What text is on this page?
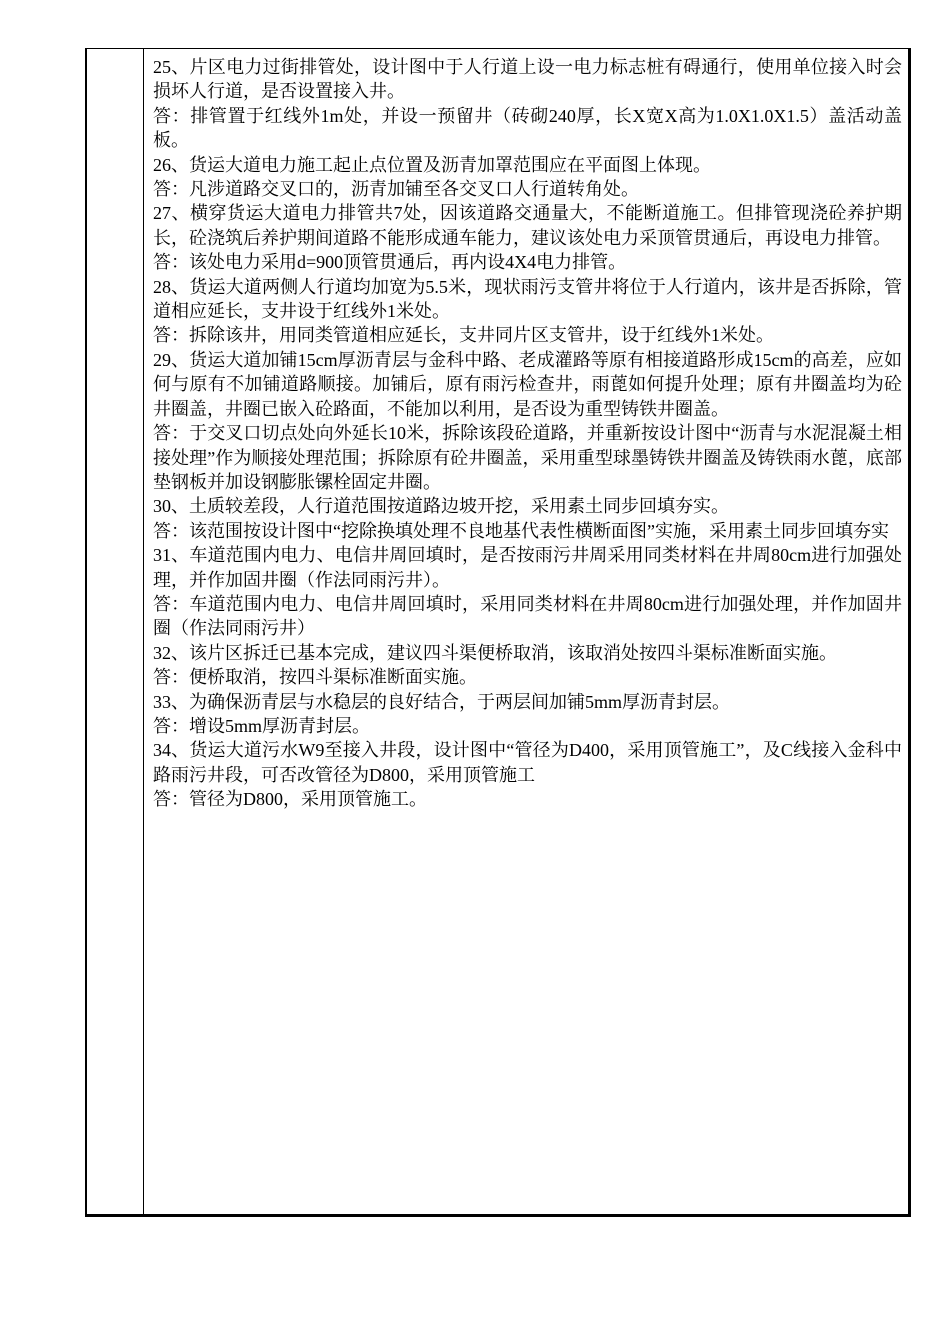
25、片区电力过街排管处，设计图中于人行道上设一电力标志桩有碍通行，使用单位接入时会损坏人行道，是否设置接入井。

答：排管置于红线外1m处，并设一预留井（砖砌240厚，长X宽X高为1.0X1.0X1.5）盖活动盖板。

26、货运大道电力施工起止点位置及沥青加罩范围应在平面图上体现。

答：凡涉道路交叉口的，沥青加铺至各交叉口人行道转角处。

27、横穿货运大道电力排管共7处，因该道路交通量大，不能断道施工。但排管现浇砼养护期长，砼浇筑后养护期间道路不能形成通车能力，建议该处电力采顶管贯通后，再设电力排管。

答：该处电力采用d=900顶管贯通后，再内设4X4电力排管。

28、货运大道两侧人行道均加宽为5.5米，现状雨污支管井将位于人行道内，该井是否拆除，管道相应延长，支井设于红线外1米处。

答：拆除该井，用同类管道相应延长，支井同片区支管井，设于红线外1米处。

29、货运大道加铺15cm厚沥青层与金科中路、老成灌路等原有相接道路形成15cm的高差，应如何与原有不加铺道路顺接。加铺后，原有雨污检查井，雨蓖如何提升处理；原有井圈盖均为砼井圈盖，井圈已嵌入砼路面，不能加以利用，是否设为重型铸铁井圈盖。

答：于交叉口切点处向外延长10米，拆除该段砼道路，并重新按设计图中“沥青与水泥混凝土相接处理”作为顺接处理范围；拆除原有砼井圈盖，采用重型球墨铸铁井圈盖及铸铁雨水蓖，底部垫钢板并加设钢膨胀镙栓固定井圈。

30、土质较差段，人行道范围按道路边坡开挖，采用素土同步回填夯实。

答：该范围按设计图中“挖除换填处理不良地基代表性横断面图”实施，采用素土同步回填夯实

31、车道范围内电力、电信井周回填时，是否按雨污井周采用同类材料在井周80cm进行加强处理，并作加固井圈（作法同雨污井）。

答：车道范围内电力、电信井周回填时，采用同类材料在井周80cm进行加强处理，并作加固井圈（作法同雨污井）

32、该片区拆迁已基本完成，建议四斗渠便桥取消，该取消处按四斗渠标准断面实施。

答：便桥取消，按四斗渠标准断面实施。

33、为确保沥青层与水稳层的良好结合，于两层间加铺5mm厚沥青封层。

答：增设5mm厚沥青封层。

34、货运大道污水W9至接入井段，设计图中“管径为D400，采用顶管施工”，及C线接入金科中路雨污井段，可否改管径为D800，采用顶管施工

答：管径为D800，采用顶管施工。
